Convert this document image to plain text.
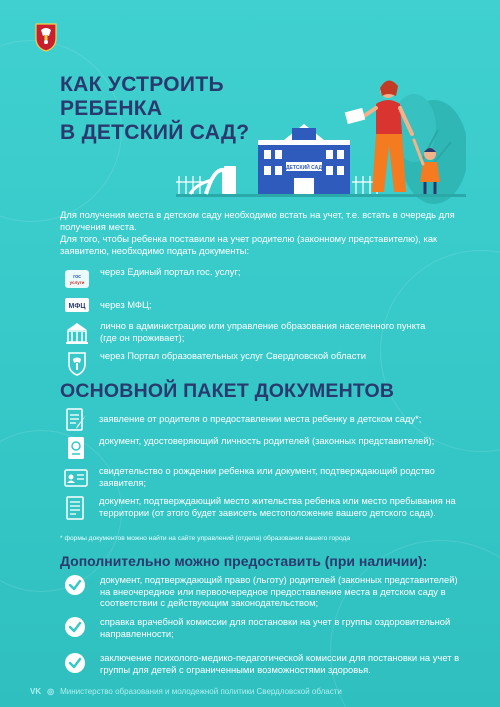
КАК УСТРОИТЬ РЕБЕНКА
В ДЕТСКИЙ САД?
ДЕТСКИЙ САД

Для получения места в детском саду необходимо встать на учет, т.е. встать в очередь для получения места.

Для того, чтобы ребенка поставили на учет родителю (законному представителю), как заявителю, необходимо подать документы:

гос
услуги
через Единый портал гос. услуг;
МФЦ через МФЦ;
лично в администрацию или управление образования населенного пункта (где он проживает);
через Портал образовательных услуг Свердловской области
ОСНОВНОЙ ПАКЕТ ДОКУМЕНТОВ
заявление от родителя о предоставлении места ребенку в детском саду*;
документ, удостоверяющий личность родителей (законных представителей);
свидетельство о рождении ребенка или документ, подтверждающий родство заявителя;
документ, подтверждающий место жительства ребенка или место пребывания на территории (от этого будет зависеть местоположение вашего детского сада).
* формы документов можно найти на сайте управлений (отдела) образования вашего города
Дополнительно можно предоставить (при наличии):
документ, подтверждающий право (льготу) родителей (законных представителей) на внеочередное или первоочередное предоставление места в детском саду в соответствии с действующим законодательством;
справка врачебной комиссии для постановки на учет в группы оздоровительной направленности;
заключение психолого-медико-педагогической комиссии для постановки на учет в группы для детей с ограниченными возможностями здоровья.
VK ◎ Министерство образования и молодежной политики Свердловской области
